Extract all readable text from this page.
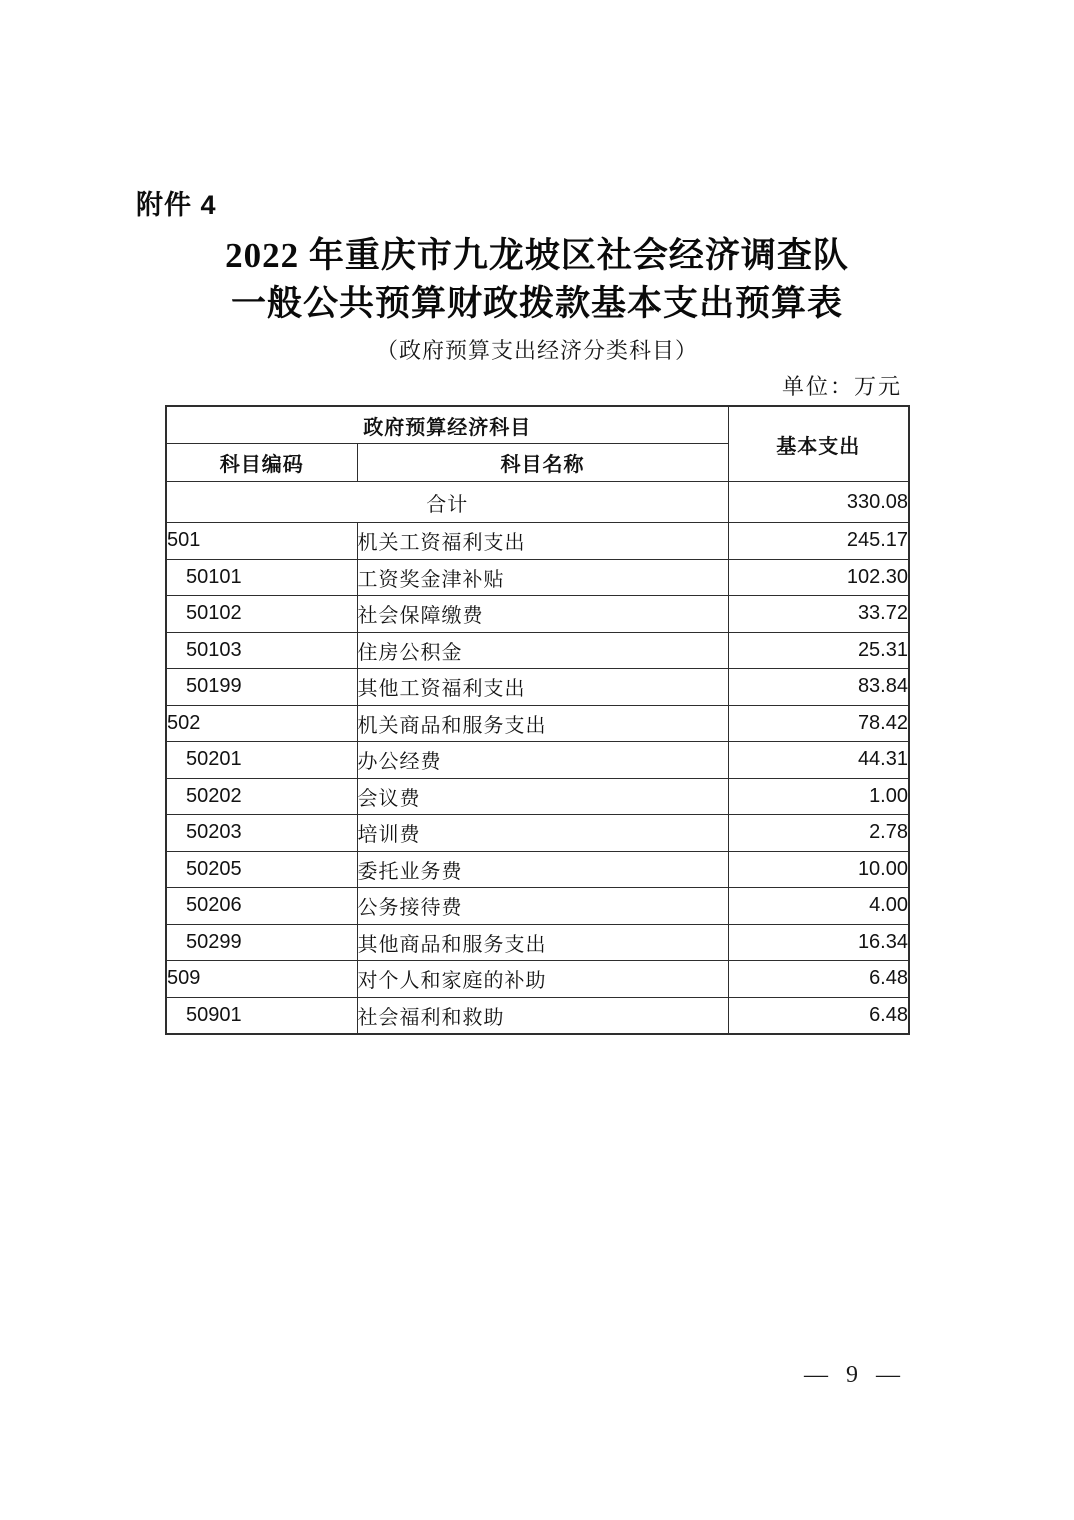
附件 4
2022 年重庆市九龙坡区社会经济调查队
一般公共预算财政拨款基本支出预算表
（政府预算支出经济分类科目）
单位：万元
政府预算经济科目		基本支出
科目编码	科目名称	
合计		330.08
501	机关工资福利支出	245.17
50101	工资奖金津补贴	102.30
50102	社会保障缴费	33.72
50103	住房公积金	25.31
50199	其他工资福利支出	83.84
502	机关商品和服务支出	78.42
50201	办公经费	44.31
50202	会议费	1.00
50203	培训费	2.78
50205	委托业务费	10.00
50206	公务接待费	4.00
50299	其他商品和服务支出	16.34
509	对个人和家庭的补助	6.48
50901	社会福利和救助	6.48
— 9 —
